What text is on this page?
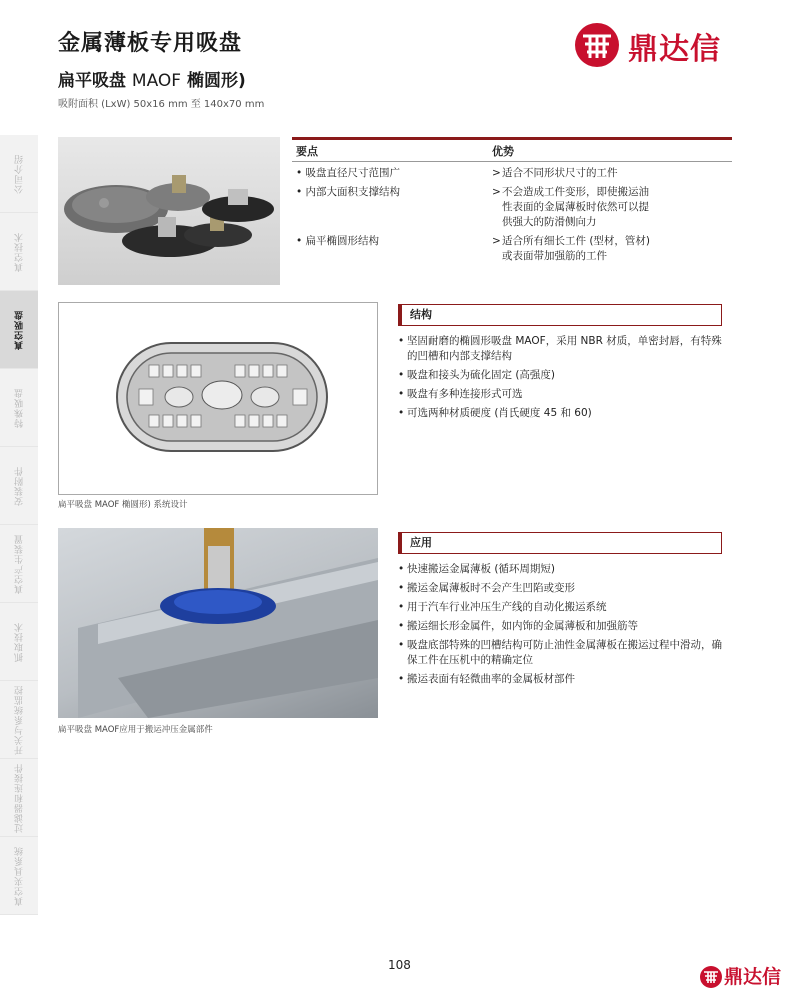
金属薄板专用吸盘
扁平吸盘 MAOF 椭圆形)
吸附面积 (LxW) 50x16 mm 至 140x70 mm
鼎达信
公司介绍
真空技术
真空吸盘
特殊吸盘
安装附件
真空产生装置
抓取技术
开关与系统监控
过滤器和连接件
真空夹具系统
要点	优势
• 吸盘直径尺寸范围广	> 适合不同形状尺寸的工件
• 内部大面积支撑结构	> 不会造成工件变形，即使搬运油性表面的金属薄板时依然可以提供强大的防滑侧向力
• 扁平椭圆形结构	> 适合所有细长工件 (型材，管材) 或表面带加强筋的工件
扁平吸盘 MAOF 椭圆形) 系统设计
结构
• 坚固耐磨的椭圆形吸盘 MAOF，采用 NBR 材质，单密封唇，有特殊的凹槽和内部支撑结构
• 吸盘和接头为硫化固定 (高强度)
• 吸盘有多种连接形式可选
• 可选两种材质硬度 (肖氏硬度 45 和 60)
扁平吸盘 MAOF应用于搬运冲压金属部件
应用
• 快速搬运金属薄板 (循环周期短)
• 搬运金属薄板时不会产生凹陷或变形
• 用于汽车行业冲压生产线的自动化搬运系统
• 搬运细长形金属件，如内饰的金属薄板和加强筋等
• 吸盘底部特殊的凹槽结构可防止油性金属薄板在搬运过程中滑动，确保工件在压机中的精确定位
• 搬运表面有轻微曲率的金属板材部件
108
鼎达信
